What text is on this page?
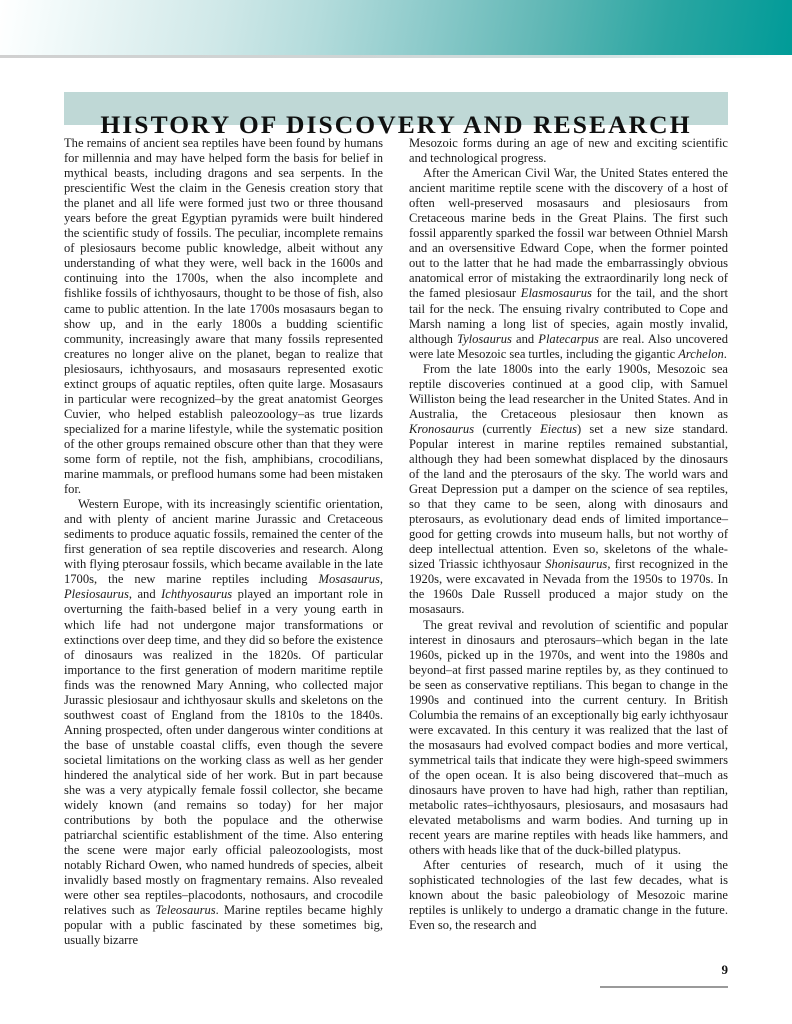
HISTORY OF DISCOVERY AND RESEARCH

The remains of ancient sea reptiles have been found by humans for millennia and may have helped form the basis for belief in mythical beasts, including dragons and sea serpents. In the prescientific West the claim in the Genesis creation story that the planet and all life were formed just two or three thousand years before the great Egyptian pyramids were built hindered the scientific study of fossils. The peculiar, incomplete remains of plesiosaurs become public knowledge, albeit without any understanding of what they were, well back in the 1600s and continuing into the 1700s, when the also incomplete and fishlike fossils of ichthyosaurs, thought to be those of fish, also came to public attention. In the late 1700s mosasaurs began to show up, and in the early 1800s a budding scientific community, increasingly aware that many fossils represented creatures no longer alive on the planet, began to realize that plesiosaurs, ichthyosaurs, and mosasaurs represented exotic extinct groups of aquatic reptiles, often quite large. Mosasaurs in particular were recognized–by the great anatomist Georges Cuvier, who helped establish paleozoology–as true lizards specialized for a marine lifestyle, while the systematic position of the other groups remained obscure other than that they were some form of reptile, not the fish, amphibians, crocodilians, marine mammals, or preflood humans some had been mistaken for.

Western Europe, with its increasingly scientific orientation, and with plenty of ancient marine Jurassic and Cretaceous sediments to produce aquatic fossils, remained the center of the first generation of sea reptile discoveries and research. Along with flying pterosaur fossils, which became available in the late 1700s, the new marine reptiles including Mosasaurus, Plesiosaurus, and Ichthyosaurus played an important role in overturning the faith-based belief in a very young earth in which life had not undergone major transformations or extinctions over deep time, and they did so before the existence of dinosaurs was realized in the 1820s. Of particular importance to the first generation of modern maritime reptile finds was the renowned Mary Anning, who collected major Jurassic plesiosaur and ichthyosaur skulls and skeletons on the southwest coast of England from the 1810s to the 1840s. Anning prospected, often under dangerous winter conditions at the base of unstable coastal cliffs, even though the severe societal limitations on the working class as well as her gender hindered the analytical side of her work. But in part because she was a very atypically female fossil collector, she became widely known (and remains so today) for her major contributions by both the populace and the otherwise patriarchal scientific establishment of the time. Also entering the scene were major early official paleozoologists, most notably Richard Owen, who named hundreds of species, albeit invalidly based mostly on fragmentary remains. Also revealed were other sea reptiles–placodonts, nothosaurs, and crocodile relatives such as Teleosaurus. Marine reptiles became highly popular with a public fascinated by these sometimes big, usually bizarre

Mesozoic forms during an age of new and exciting scientific and technological progress.

After the American Civil War, the United States entered the ancient maritime reptile scene with the discovery of a host of often well-preserved mosasaurs and plesiosaurs from Cretaceous marine beds in the Great Plains. The first such fossil apparently sparked the fossil war between Othniel Marsh and an oversensitive Edward Cope, when the former pointed out to the latter that he had made the embarrassingly obvious anatomical error of mistaking the extraordinarily long neck of the famed plesiosaur Elasmosaurus for the tail, and the short tail for the neck. The ensuing rivalry contributed to Cope and Marsh naming a long list of species, again mostly invalid, although Tylosaurus and Platecarpus are real. Also uncovered were late Mesozoic sea turtles, including the gigantic Archelon.

From the late 1800s into the early 1900s, Mesozoic sea reptile discoveries continued at a good clip, with Samuel Williston being the lead researcher in the United States. And in Australia, the Cretaceous plesiosaur then known as Kronosaurus (currently Eiectus) set a new size standard. Popular interest in marine reptiles remained substantial, although they had been somewhat displaced by the dinosaurs of the land and the pterosaurs of the sky. The world wars and Great Depression put a damper on the science of sea reptiles, so that they came to be seen, along with dinosaurs and pterosaurs, as evolutionary dead ends of limited importance–good for getting crowds into museum halls, but not worthy of deep intellectual attention. Even so, skeletons of the whale-sized Triassic ichthyosaur Shonisaurus, first recognized in the 1920s, were excavated in Nevada from the 1950s to 1970s. In the 1960s Dale Russell produced a major study on the mosasaurs.

The great revival and revolution of scientific and popular interest in dinosaurs and pterosaurs–which began in the late 1960s, picked up in the 1970s, and went into the 1980s and beyond–at first passed marine reptiles by, as they continued to be seen as conservative reptilians. This began to change in the 1990s and continued into the current century. In British Columbia the remains of an exceptionally big early ichthyosaur were excavated. In this century it was realized that the last of the mosasaurs had evolved compact bodies and more vertical, symmetrical tails that indicate they were high-speed swimmers of the open ocean. It is also being discovered that–much as dinosaurs have proven to have had high, rather than reptilian, metabolic rates–ichthyosaurs, plesiosaurs, and mosasaurs had elevated metabolisms and warm bodies. And turning up in recent years are marine reptiles with heads like hammers, and others with heads like that of the duck-billed platypus.

After centuries of research, much of it using the sophisticated technologies of the last few decades, what is known about the basic paleobiology of Mesozoic marine reptiles is unlikely to undergo a dramatic change in the future. Even so, the research and

9
